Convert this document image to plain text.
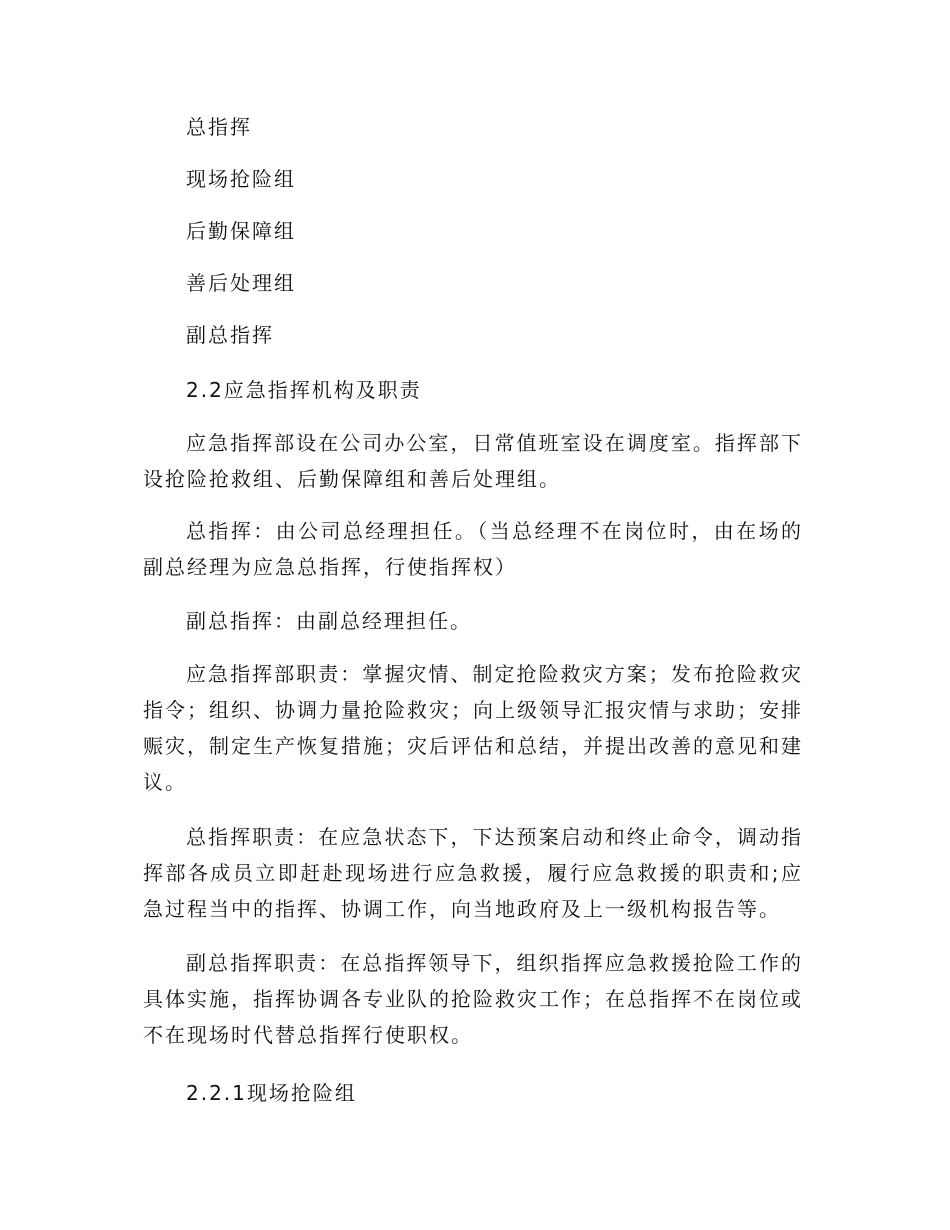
总指挥
现场抢险组
后勤保障组
善后处理组
副总指挥
2.2应急指挥机构及职责
应急指挥部设在公司办公室，日常值班室设在调度室。指挥部下设抢险抢救组、后勤保障组和善后处理组。
总指挥：由公司总经理担任。（当总经理不在岗位时，由在场的副总经理为应急总指挥，行使指挥权）
副总指挥：由副总经理担任。
应急指挥部职责：掌握灾情、制定抢险救灾方案；发布抢险救灾指令；组织、协调力量抢险救灾；向上级领导汇报灾情与求助；安排赈灾，制定生产恢复措施；灾后评估和总结，并提出改善的意见和建议。
总指挥职责：在应急状态下，下达预案启动和终止命令，调动指挥部各成员立即赶赴现场进行应急救援，履行应急救援的职责和;应急过程当中的指挥、协调工作，向当地政府及上一级机构报告等。
副总指挥职责：在总指挥领导下，组织指挥应急救援抢险工作的具体实施，指挥协调各专业队的抢险救灾工作；在总指挥不在岗位或不在现场时代替总指挥行使职权。
2.2.1现场抢险组
